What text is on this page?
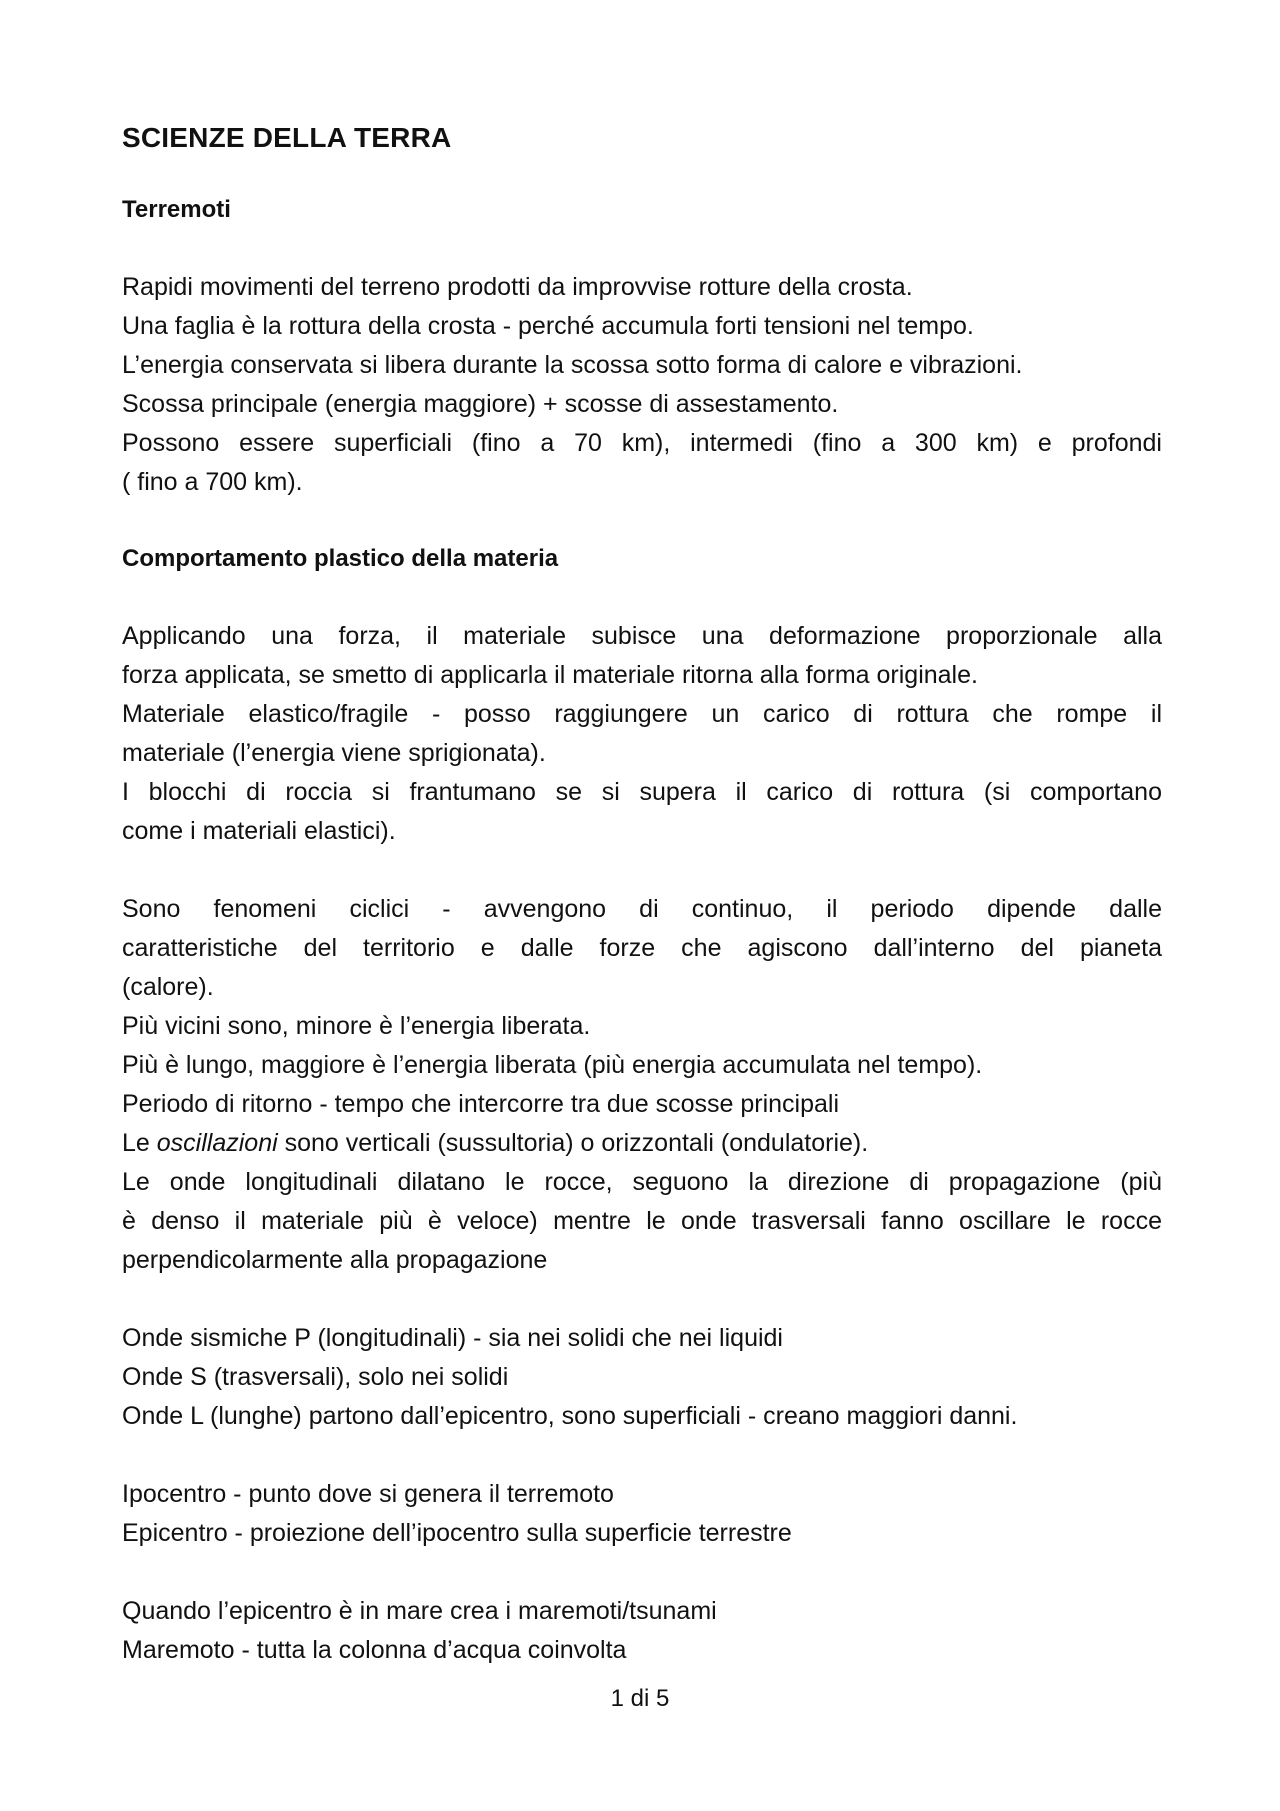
SCIENZE DELLA TERRA
Terremoti

Rapidi movimenti del terreno prodotti da improvvise rotture della crosta.
Una faglia è la rottura della crosta - perché accumula forti tensioni nel tempo.
L’energia conservata si libera durante la scossa sotto forma di calore e vibrazioni.
Scossa principale (energia maggiore) + scosse di assestamento.
Possono essere superficiali (fino a 70 km), intermedi (fino a 300 km) e profondi
( fino a 700 km).

Comportamento plastico della materia

Applicando una forza, il materiale subisce una deformazione proporzionale alla
forza applicata, se smetto di applicarla il materiale ritorna alla forma originale.
Materiale elastico/fragile - posso raggiungere un carico di rottura che rompe il
materiale (l’energia viene sprigionata).
I blocchi di roccia si frantumano se si supera il carico di rottura (si comportano
come i materiali elastici).

Sono fenomeni ciclici - avvengono di continuo, il periodo dipende dalle
caratteristiche del territorio e dalle forze che agiscono dall’interno del pianeta
(calore).
Più vicini sono, minore è l’energia liberata.
Più è lungo, maggiore è l’energia liberata (più energia accumulata nel tempo).
Periodo di ritorno - tempo che intercorre tra due scosse principali
Le oscillazioni sono verticali (sussultoria) o orizzontali (ondulatorie).
Le onde longitudinali dilatano le rocce, seguono la direzione di propagazione (più
è denso il materiale più è veloce) mentre le onde trasversali fanno oscillare le rocce
perpendicolarmente alla propagazione

Onde sismiche P (longitudinali) - sia nei solidi che nei liquidi
Onde S (trasversali), solo nei solidi
Onde L (lunghe) partono dall’epicentro, sono superficiali - creano maggiori danni.

Ipocentro - punto dove si genera il terremoto
Epicentro - proiezione dell’ipocentro sulla superficie terrestre

Quando l’epicentro è in mare crea i maremoti/tsunami
Maremoto - tutta la colonna d’acqua coinvolta

1 di 5
